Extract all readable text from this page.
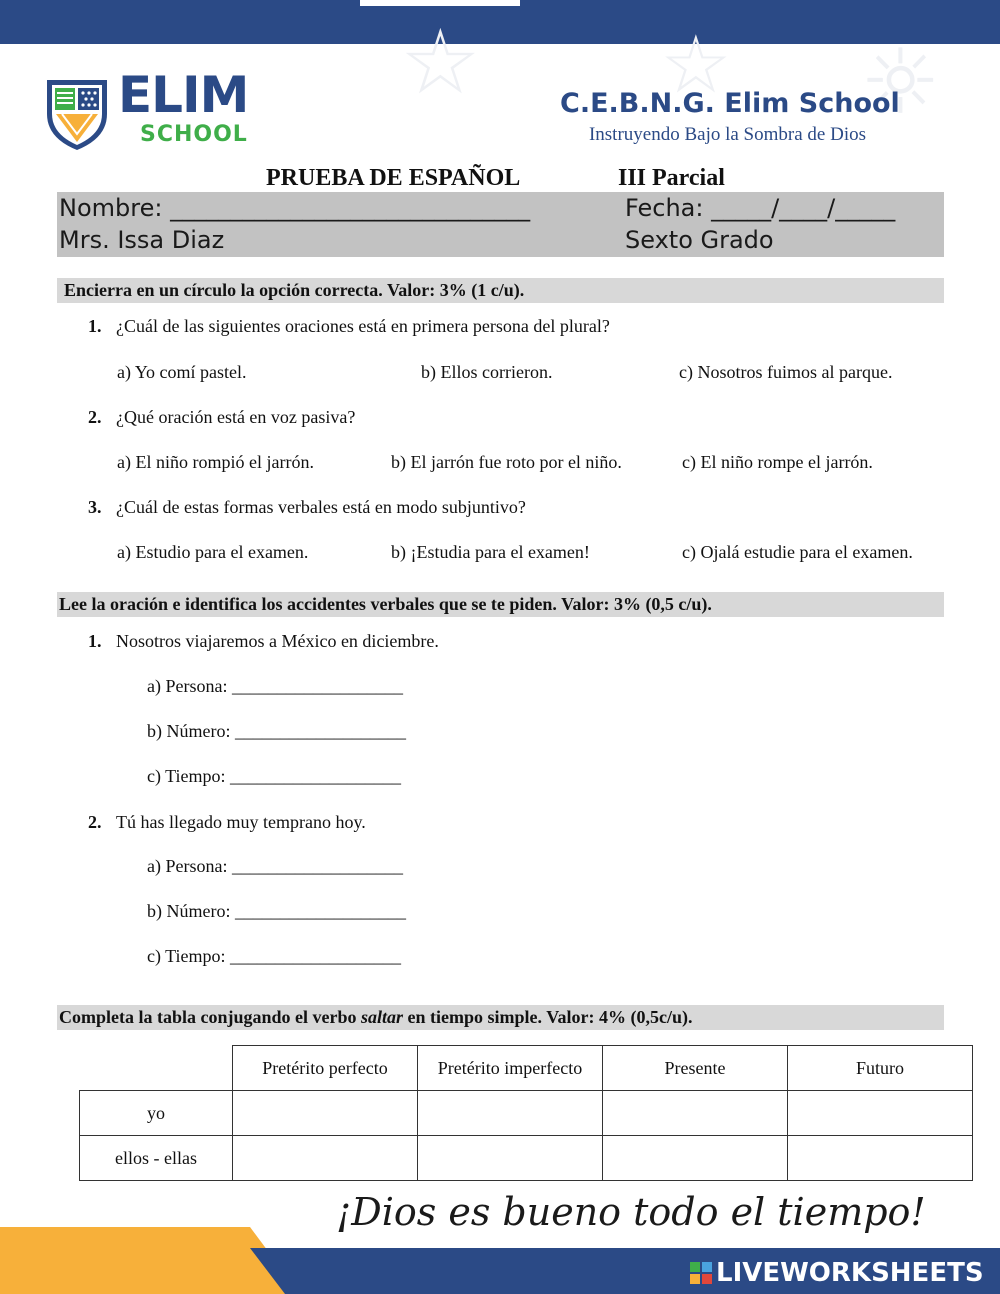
☆ ☆ ☼
ELIM
SCHOOL
C.E.B.N.G. Elim School
Instruyendo Bajo la Sombra de Dios
PRUEBA DE ESPAÑOL	III Parcial
Nombre: ______________________________	Fecha: _____/____/_____
Mrs. Issa Diaz	Sexto Grado
Encierra en un círculo la opción correcta. Valor: 3% (1 c/u).
1. ¿Cuál de las siguientes oraciones está en primera persona del plural?
a) Yo comí pastel.	b) Ellos corrieron.	c) Nosotros fuimos al parque.
2. ¿Qué oración está en voz pasiva?
a) El niño rompió el jarrón.	b) El jarrón fue roto por el niño.	c) El niño rompe el jarrón.
3. ¿Cuál de estas formas verbales está en modo subjuntivo?
a) Estudio para el examen.	b) ¡Estudia para el examen!	c) Ojalá estudie para el examen.
Lee la oración e identifica los accidentes verbales que se te piden. Valor: 3% (0,5 c/u).
1. Nosotros viajaremos a México en diciembre.
a) Persona: ___________________
b) Número: ___________________
c) Tiempo: ___________________
2. Tú has llegado muy temprano hoy.
a) Persona: ___________________
b) Número: ___________________
c) Tiempo: ___________________
Completa la tabla conjugando el verbo saltar en tiempo simple. Valor: 4% (0,5c/u).
	Pretérito perfecto	Pretérito imperfecto	Presente	Futuro
yo				
ellos - ellas				
¡Dios es bueno todo el tiempo!
LIVEWORKSHEETS
